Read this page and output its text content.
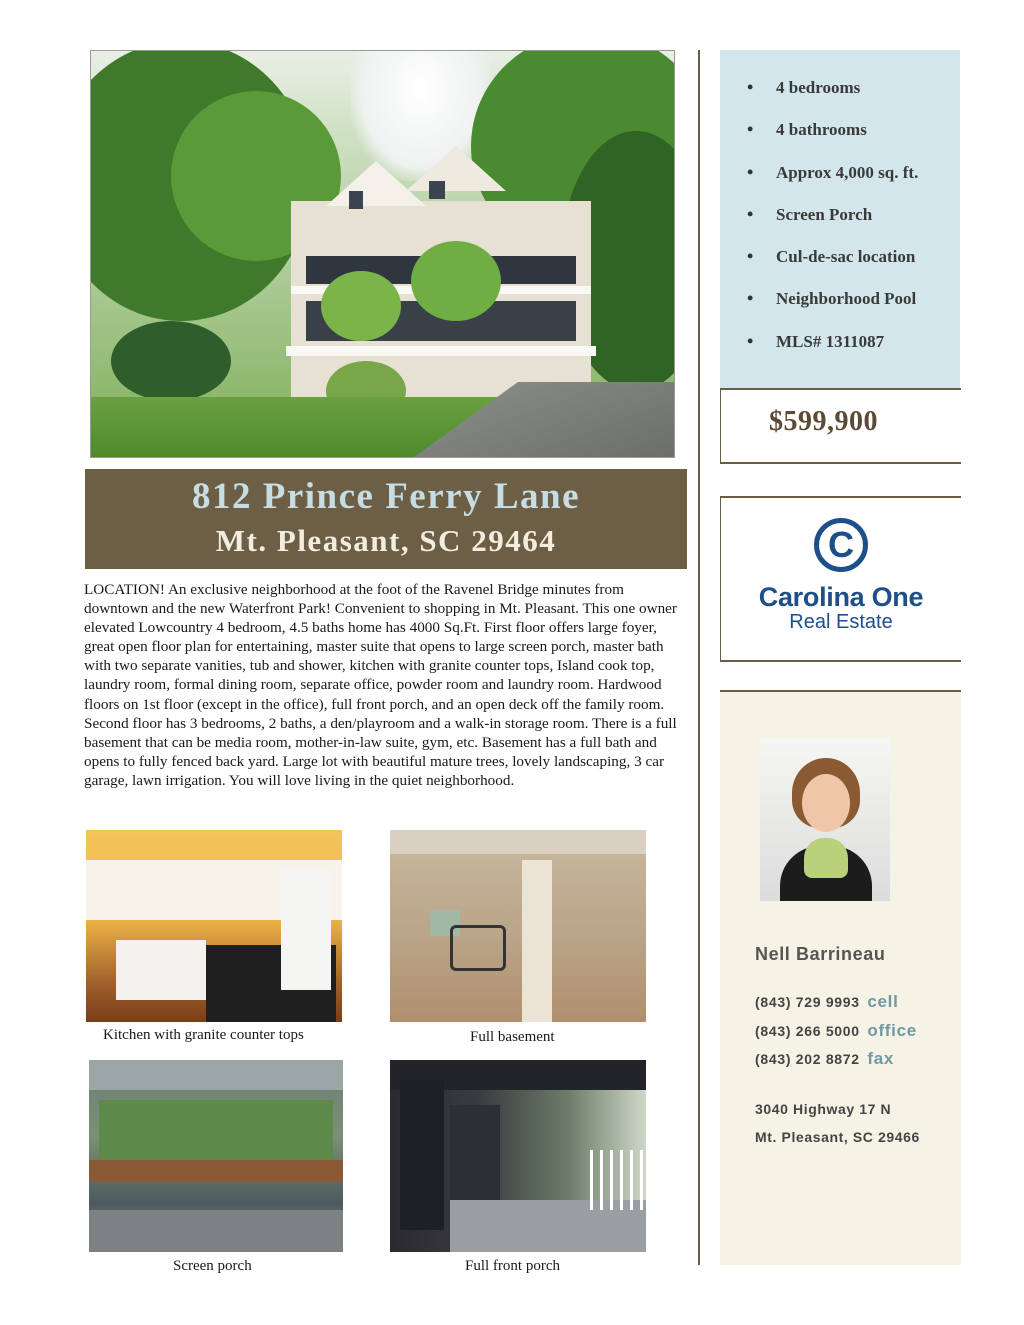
• 4 bedrooms
• 4 bathrooms
• Approx 4,000 sq. ft.
• Screen Porch
• Cul-de-sac location
• Neighborhood Pool
• MLS# 1311087
$599,900
C
Carolina One
Real Estate
Nell Barrineau
(843) 729 9993 cell
(843) 266 5000 office
(843) 202 8872 fax
3040 Highway 17 N
Mt. Pleasant, SC 29466
812 Prince Ferry Lane
Mt. Pleasant, SC 29464
LOCATION! An exclusive neighborhood at the foot of the Ravenel Bridge minutes from downtown and the new Waterfront Park! Convenient to shopping in Mt. Pleasant. This one owner elevated Lowcountry 4 bedroom, 4.5 baths home has 4000 Sq.Ft. First floor offers large foyer, great open floor plan for entertaining, master suite that opens to large screen porch, master bath with two separate vanities, tub and shower, kitchen with granite counter tops, Island cook top, laundry room, formal dining room, separate office, powder room and laundry room. Hardwood floors on 1st floor (except in the office), full front porch, and an open deck off the family room. Second floor has 3 bedrooms, 2 baths, a den/playroom and a walk-in storage room. There is a full basement that can be media room, mother-in-law suite, gym, etc. Basement has a full bath and opens to fully fenced back yard. Large lot with beautiful mature trees, lovely landscaping, 3 car garage, lawn irrigation. You will love living in the quiet neighborhood.
Kitchen with granite counter tops	Full basement
Screen porch	Full front porch
